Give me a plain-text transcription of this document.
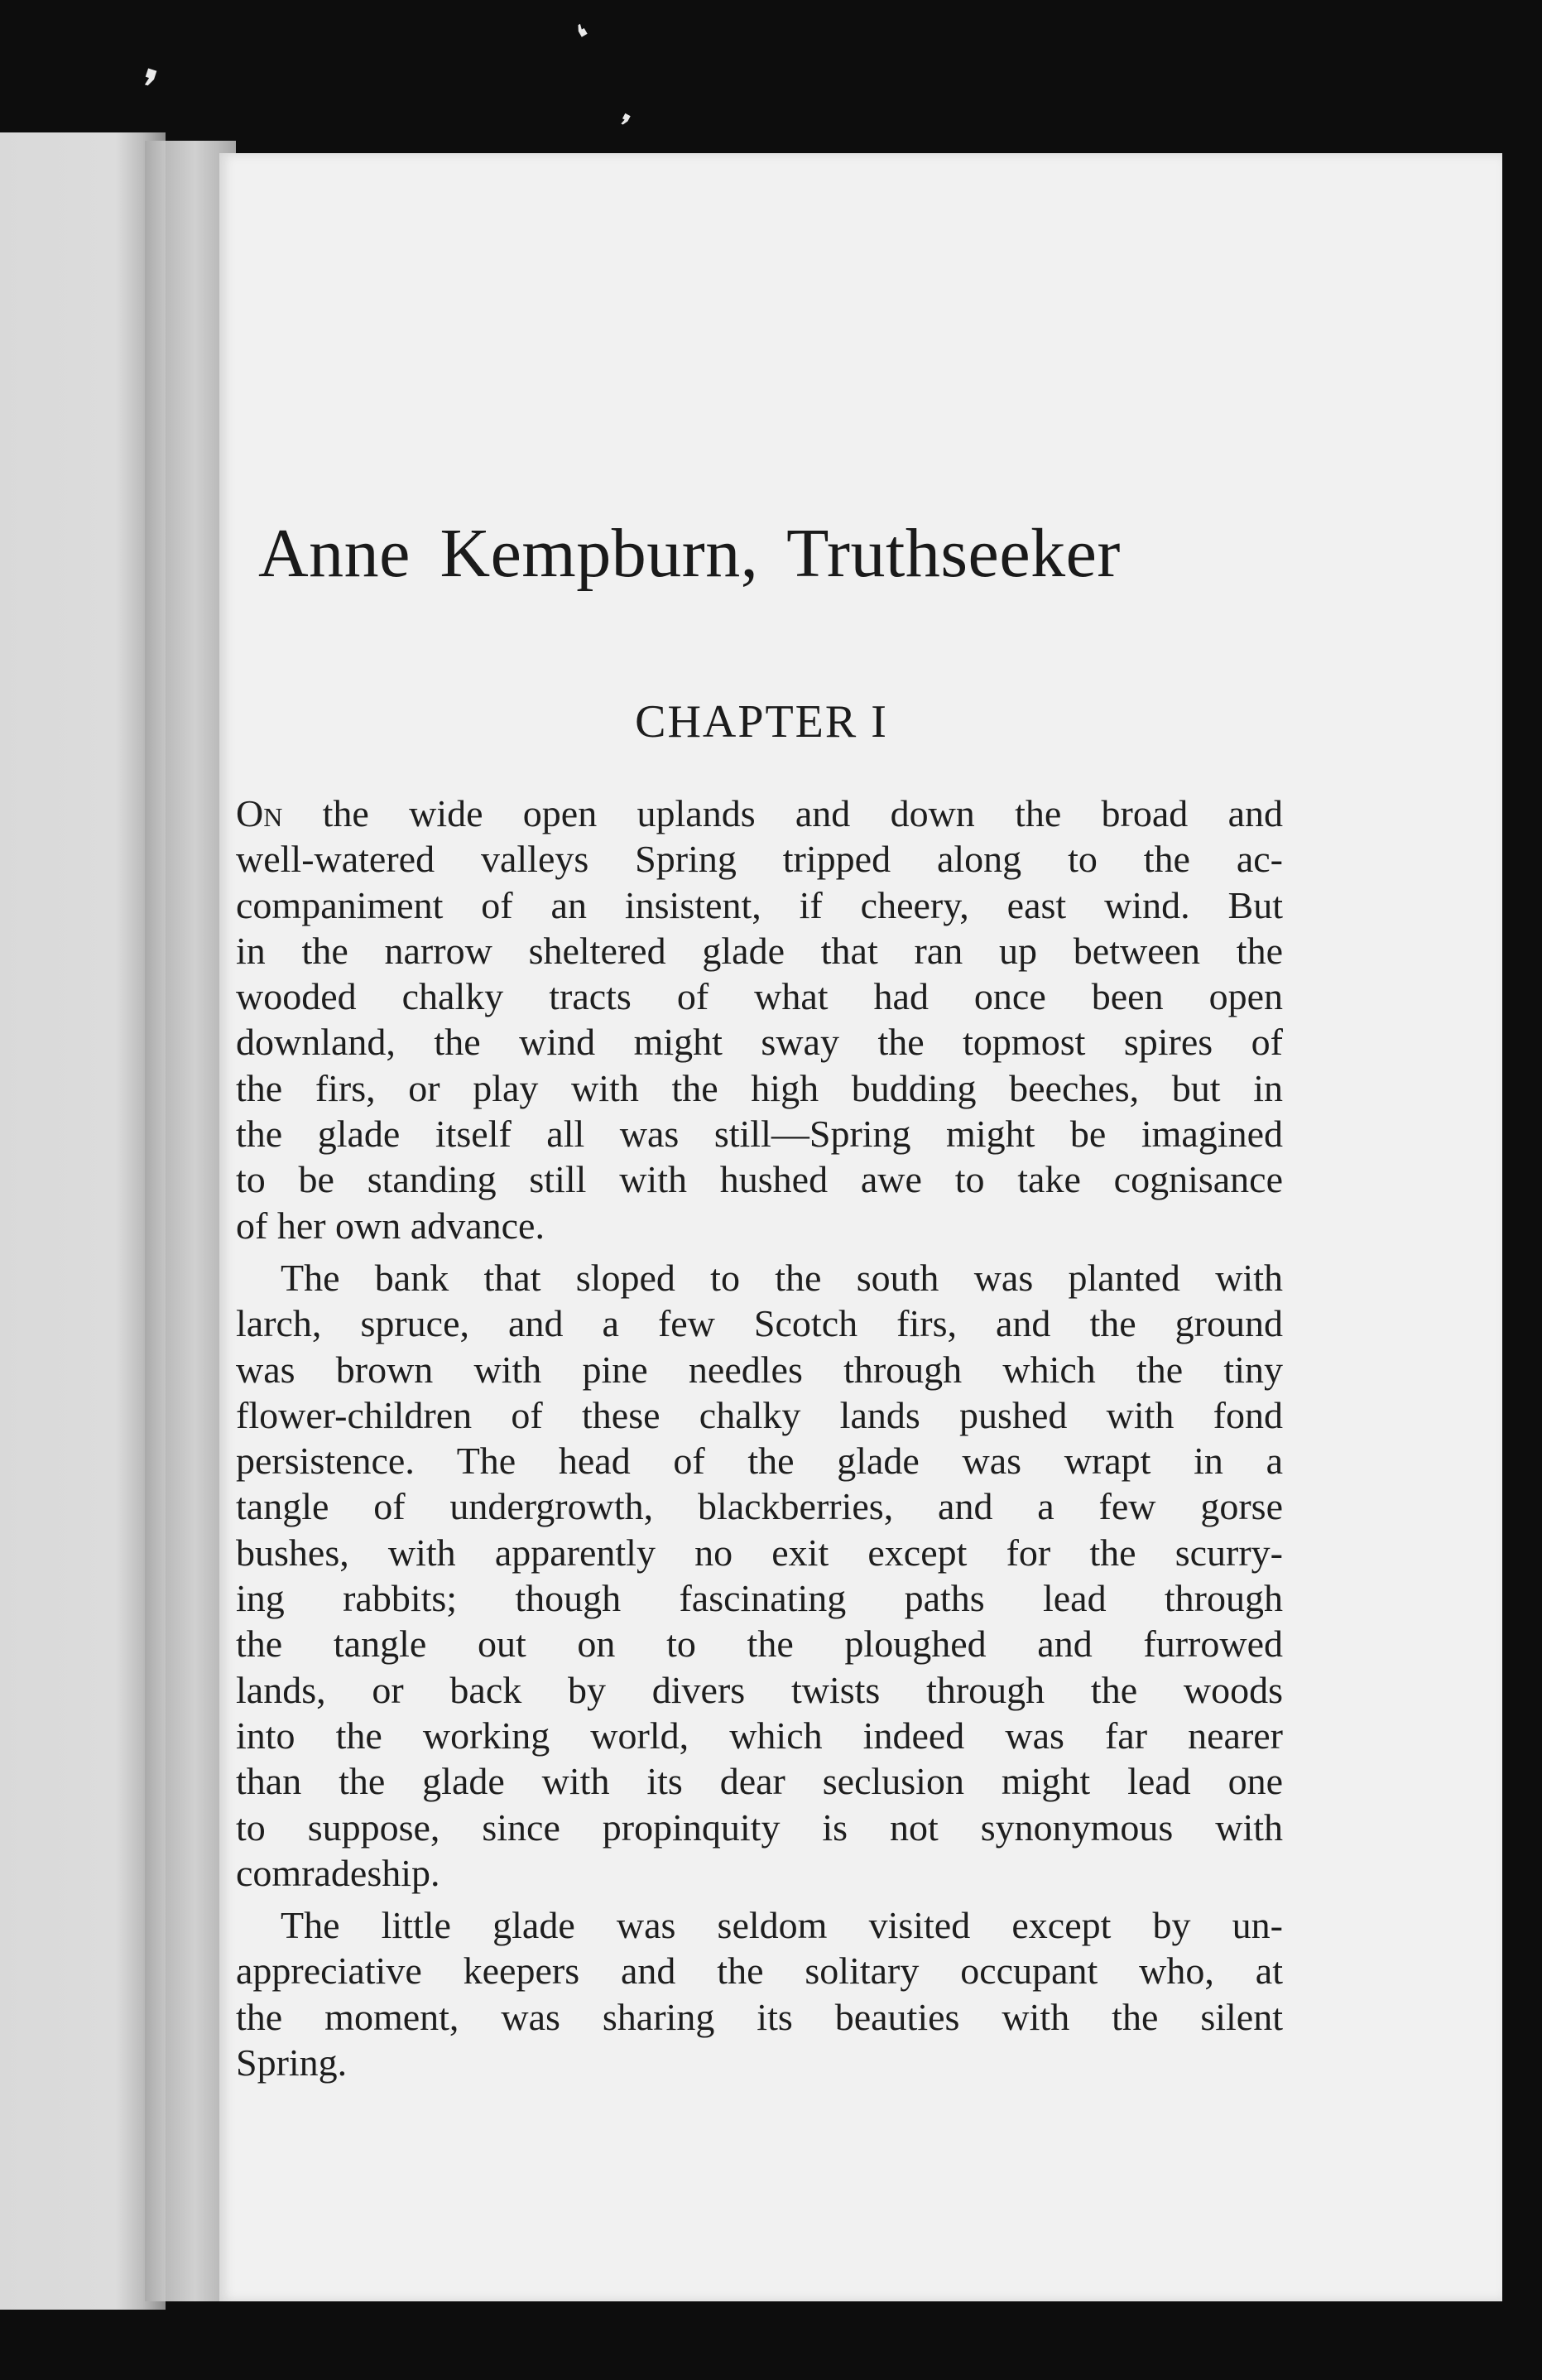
❜
❛
❜
Anne Kempburn, Truthseeker
CHAPTER I
On the wide open uplands and down the broad and
well-watered valleys Spring tripped along to the ac-
companiment of an insistent, if cheery, east wind. But
in the narrow sheltered glade that ran up between the
wooded chalky tracts of what had once been open
downland, the wind might sway the topmost spires of
the firs, or play with the high budding beeches, but in
the glade itself all was still—Spring might be imagined
to be standing still with hushed awe to take cognisance
of her own advance.
The bank that sloped to the south was planted with
larch, spruce, and a few Scotch firs, and the ground
was brown with pine needles through which the tiny
flower-children of these chalky lands pushed with fond
persistence. The head of the glade was wrapt in a
tangle of undergrowth, blackberries, and a few gorse
bushes, with apparently no exit except for the scurry-
ing rabbits; though fascinating paths lead through
the tangle out on to the ploughed and furrowed
lands, or back by divers twists through the woods
into the working world, which indeed was far nearer
than the glade with its dear seclusion might lead one
to suppose, since propinquity is not synonymous with
comradeship.
The little glade was seldom visited except by un-
appreciative keepers and the solitary occupant who, at
the moment, was sharing its beauties with the silent
Spring.
